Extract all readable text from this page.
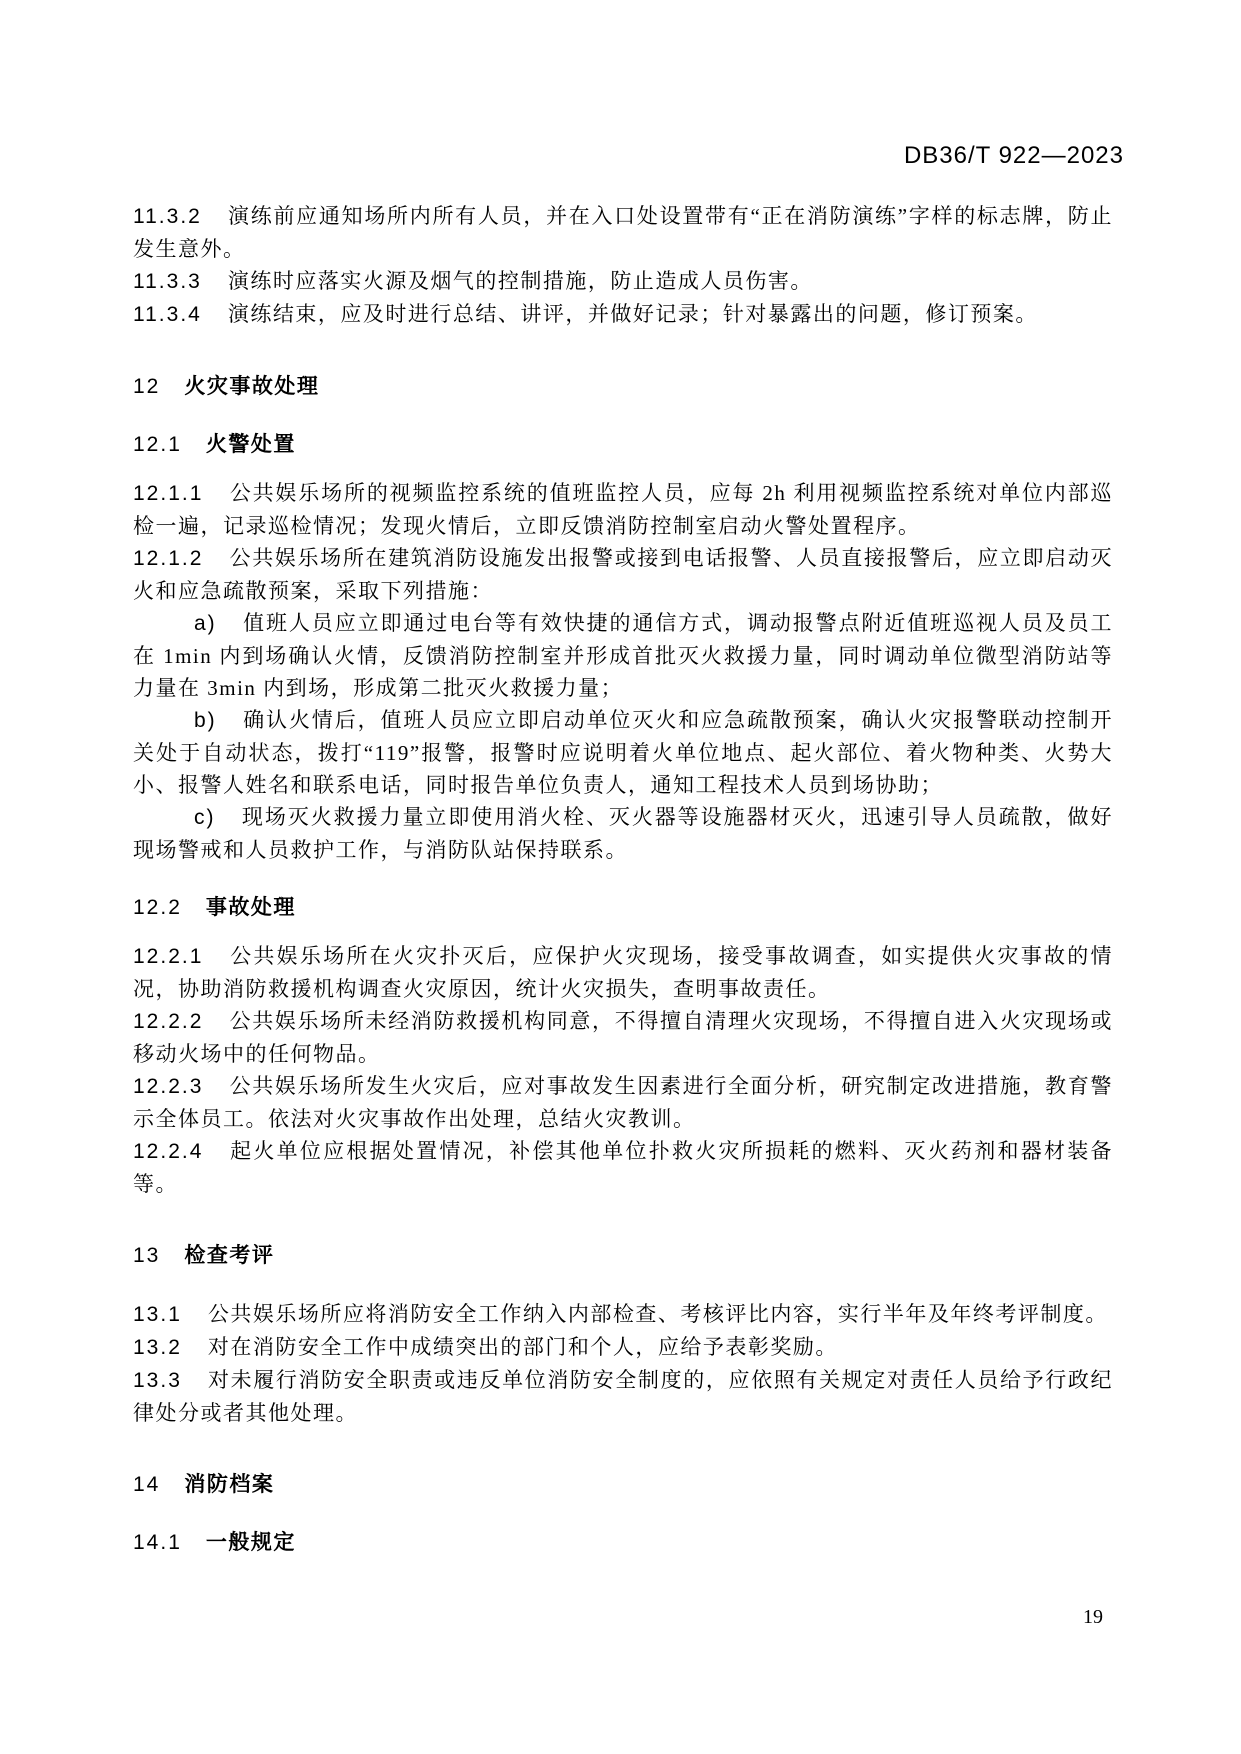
DB36/T 922—2023

11.3.2 演练前应通知场所内所有人员，并在入口处设置带有“正在消防演练”字样的标志牌，防止发生意外。

11.3.3 演练时应落实火源及烟气的控制措施，防止造成人员伤害。

11.3.4 演练结束，应及时进行总结、讲评，并做好记录；针对暴露出的问题，修订预案。

12 火灾事故处理
12.1 火警处置

12.1.1 公共娱乐场所的视频监控系统的值班监控人员，应每 2h 利用视频监控系统对单位内部巡检一遍，记录巡检情况；发现火情后，立即反馈消防控制室启动火警处置程序。

12.1.2 公共娱乐场所在建筑消防设施发出报警或接到电话报警、人员直接报警后，应立即启动灭火和应急疏散预案，采取下列措施：

a) 值班人员应立即通过电台等有效快捷的通信方式，调动报警点附近值班巡视人员及员工在 1min 内到场确认火情，反馈消防控制室并形成首批灭火救援力量，同时调动单位微型消防站等力量在 3min 内到场，形成第二批灭火救援力量；

b) 确认火情后，值班人员应立即启动单位灭火和应急疏散预案，确认火灾报警联动控制开关处于自动状态，拨打“119”报警，报警时应说明着火单位地点、起火部位、着火物种类、火势大小、报警人姓名和联系电话，同时报告单位负责人，通知工程技术人员到场协助；

c) 现场灭火救援力量立即使用消火栓、灭火器等设施器材灭火，迅速引导人员疏散，做好现场警戒和人员救护工作，与消防队站保持联系。

12.2 事故处理

12.2.1 公共娱乐场所在火灾扑灭后，应保护火灾现场，接受事故调查，如实提供火灾事故的情况，协助消防救援机构调查火灾原因，统计火灾损失，查明事故责任。

12.2.2 公共娱乐场所未经消防救援机构同意，不得擅自清理火灾现场，不得擅自进入火灾现场或移动火场中的任何物品。

12.2.3 公共娱乐场所发生火灾后，应对事故发生因素进行全面分析，研究制定改进措施，教育警示全体员工。依法对火灾事故作出处理，总结火灾教训。

12.2.4 起火单位应根据处置情况，补偿其他单位扑救火灾所损耗的燃料、灭火药剂和器材装备等。

13 检查考评

13.1 公共娱乐场所应将消防安全工作纳入内部检查、考核评比内容，实行半年及年终考评制度。

13.2 对在消防安全工作中成绩突出的部门和个人，应给予表彰奖励。

13.3 对未履行消防安全职责或违反单位消防安全制度的，应依照有关规定对责任人员给予行政纪律处分或者其他处理。

14 消防档案
14.1 一般规定
19
